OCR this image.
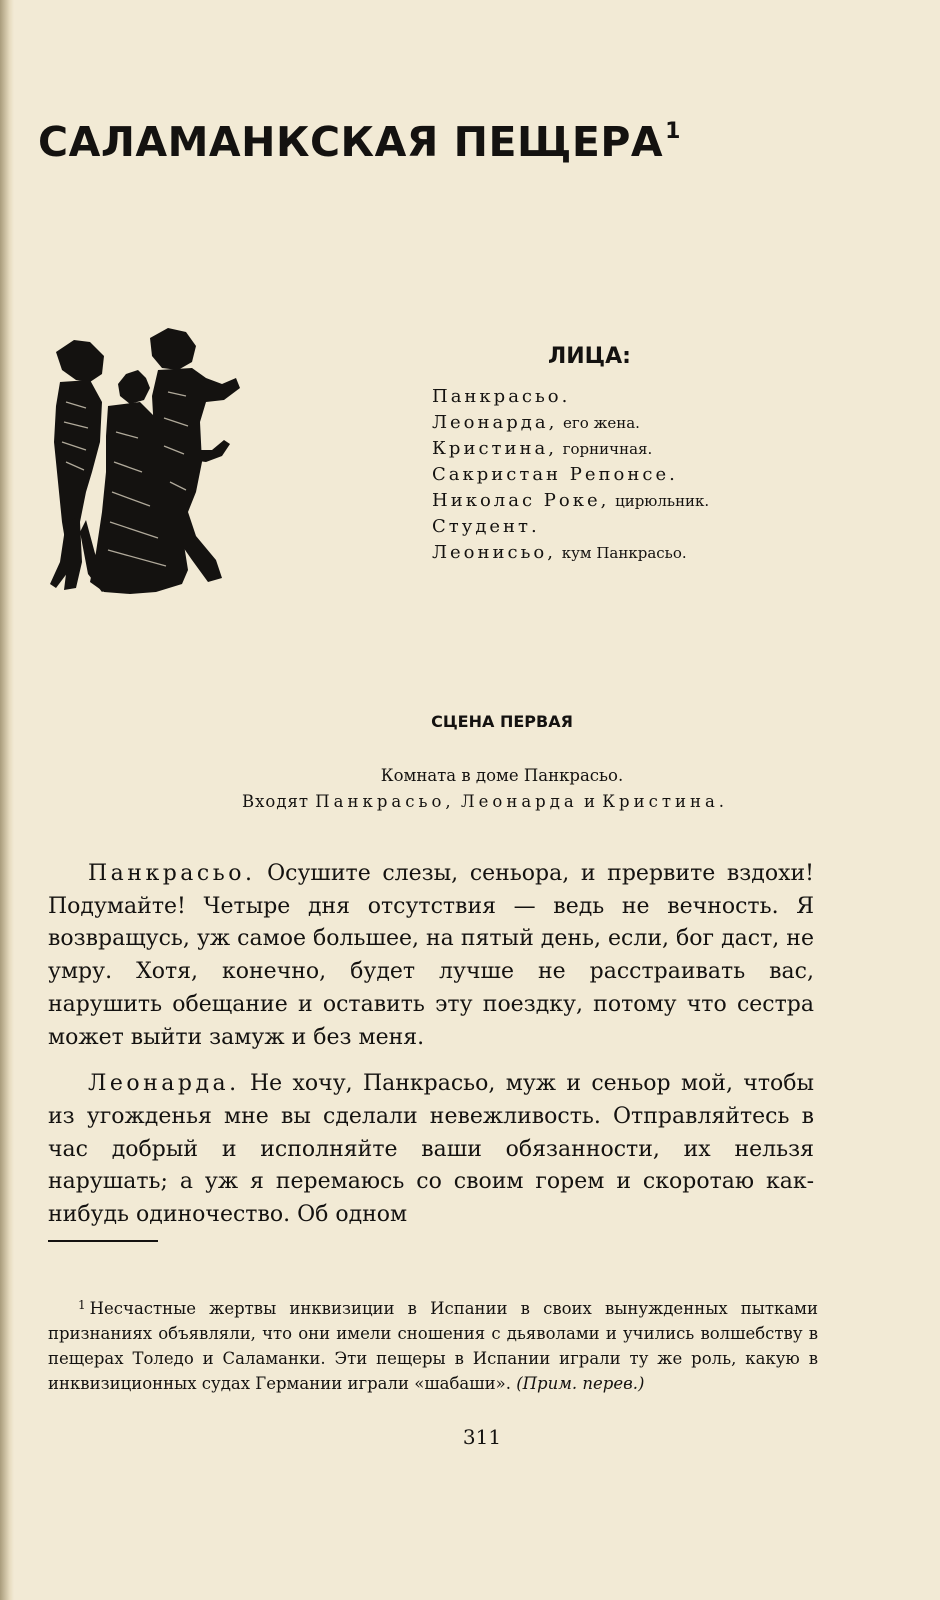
САЛАМАНКСКАЯ ПЕЩЕРА$^1$
ЛИЦА:
Панкрасьо.
Леонарда, его жена.
Кристина, горничная.
Сакристан Репонсе.
Николас Роке, цирюльник.
Студент.
Леонисьо, кум Панкрасьо.
СЦЕНА ПЕРВАЯ
Комната в доме Панкрасьо.
Входят Панкрасьо, Леонарда и Кристина.

Панкрасьо. Осушите слезы, сеньора, и прервите вздохи! Подумайте! Четыре дня отсутствия — ведь не вечность. Я возвращусь, уж самое большее, на пятый день, если, бог даст, не умру. Хотя, конечно, будет лучше не расстраивать вас, нарушить обещание и оставить эту поездку, потому что сестра может выйти замуж и без меня.

Леонарда. Не хочу, Панкрасьо, муж и сеньор мой, чтобы из угожденья мне вы сделали невежливость. Отправляйтесь в час добрый и исполняйте ваши обязанности, их нельзя нарушать; а уж я перемаюсь со своим горем и скоротаю как-нибудь одиночество. Об одном

$^1$ Несчастные жертвы инквизиции в Испании в своих вынужденных пытками признаниях объявляли, что они имели сношения с дьяволами и учились волшебству в пещерах Толедо и Саламанки. Эти пещеры в Испании играли ту же роль, какую в инквизиционных судах Германии играли «шабаши». (Прим. перев.)

311
